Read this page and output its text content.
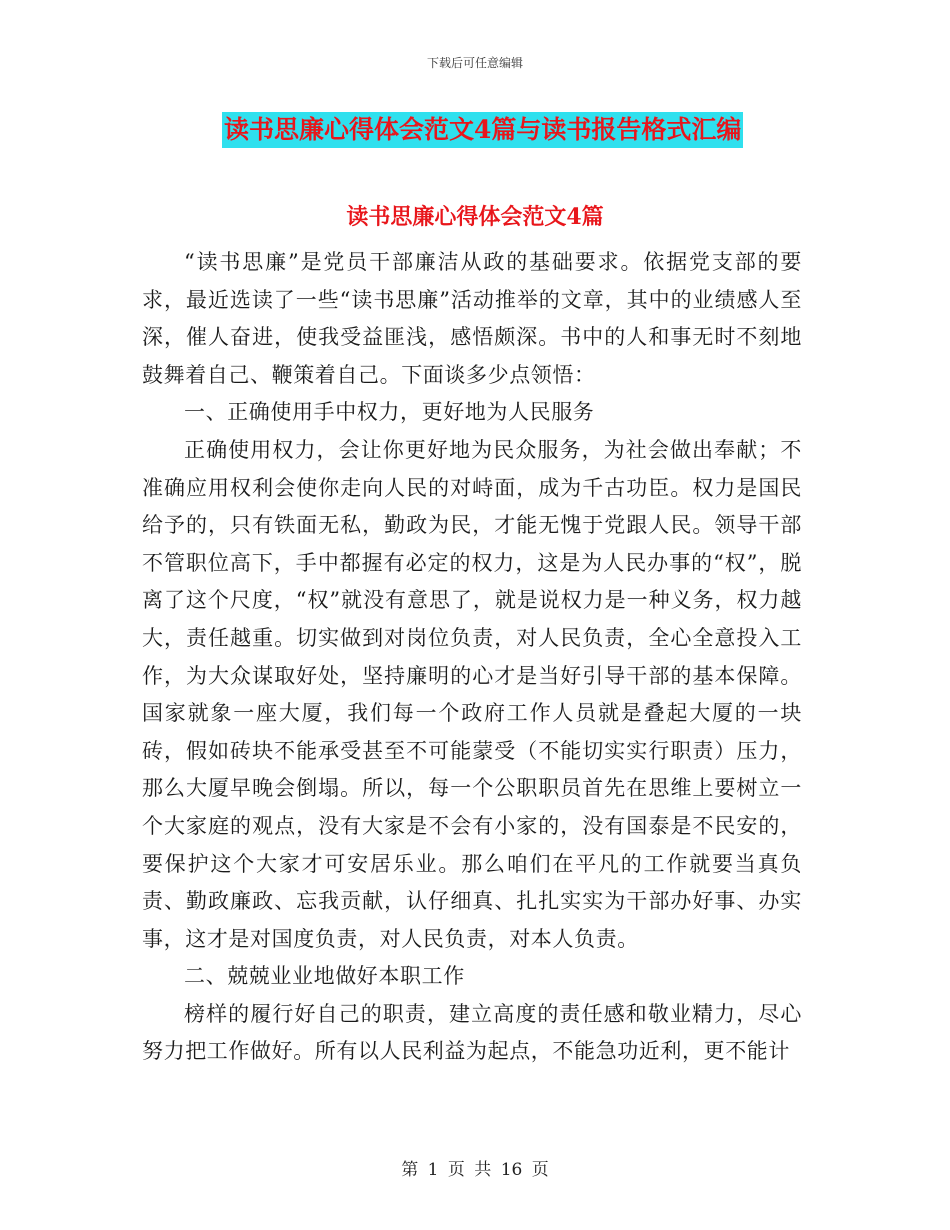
下载后可任意编辑
读书思廉心得体会范文4篇与读书报告格式汇编
读书思廉心得体会范文4篇

“读书思廉”是党员干部廉洁从政的基础要求。依据党支部的要求，最近选读了一些“读书思廉”活动推举的文章，其中的业绩感人至深，催人奋进，使我受益匪浅，感悟颇深。书中的人和事无时不刻地鼓舞着自己、鞭策着自己。下面谈多少点领悟：

一、正确使用手中权力，更好地为人民服务

正确使用权力，会让你更好地为民众服务，为社会做出奉献；不准确应用权利会使你走向人民的对峙面，成为千古功臣。权力是国民给予的，只有铁面无私，勤政为民，才能无愧于党跟人民。领导干部不管职位高下，手中都握有必定的权力，这是为人民办事的“权”，脱离了这个尺度，“权”就没有意思了，就是说权力是一种义务，权力越大，责任越重。切实做到对岗位负责，对人民负责，全心全意投入工作，为大众谋取好处，坚持廉明的心才是当好引导干部的基本保障。国家就象一座大厦，我们每一个政府工作人员就是叠起大厦的一块砖，假如砖块不能承受甚至不可能蒙受（不能切实实行职责）压力，那么大厦早晚会倒塌。所以，每一个公职职员首先在思维上要树立一个大家庭的观点，没有大家是不会有小家的，没有国泰是不民安的，要保护这个大家才可安居乐业。那么咱们在平凡的工作就要当真负责、勤政廉政、忘我贡献，认仔细真、扎扎实实为干部办好事、办实事，这才是对国度负责，对人民负责，对本人负责。

二、兢兢业业地做好本职工作

榜样的履行好自己的职责，建立高度的责任感和敬业精力，尽心努力把工作做好。所有以人民利益为起点，不能急功近利，更不能计

第 1 页 共 16 页
